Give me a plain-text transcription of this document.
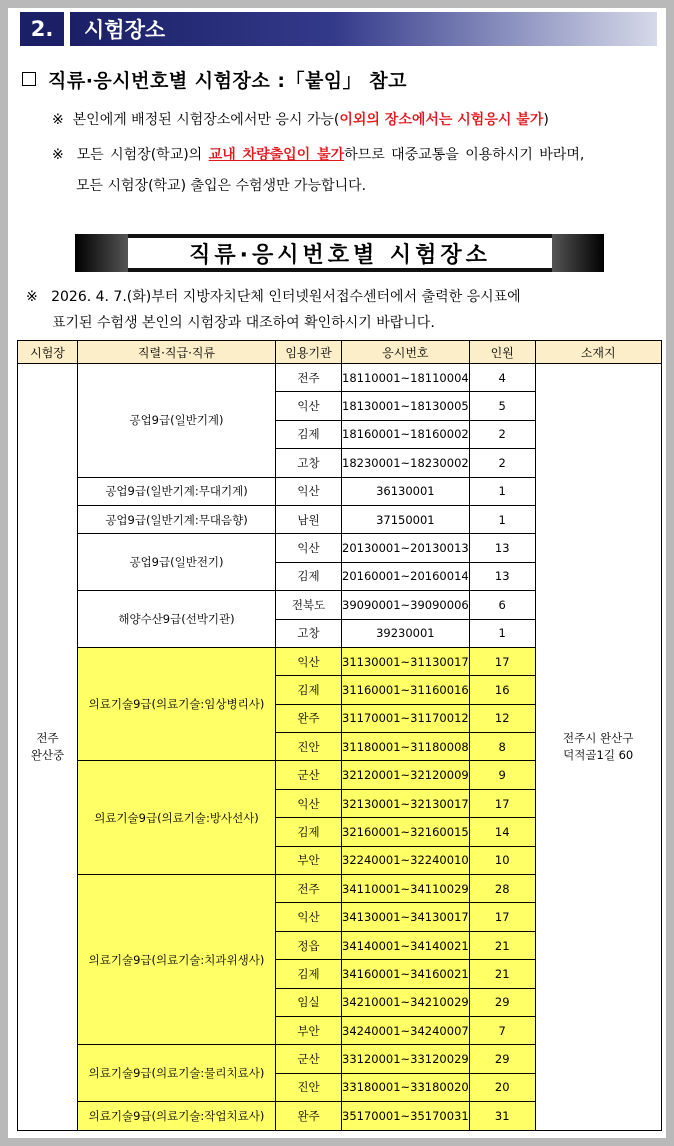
2.	시험장소
직류·응시번호별 시험장소 :「붙임」 참고
※ 본인에게 배정된 시험장소에서만 응시 가능(이외의 장소에서는 시험응시 불가)
※ 모든 시험장(학교)의 교내 차량출입이 불가하므로 대중교통을 이용하시기 바라며,
모든 시험장(학교) 출입은 수험생만 가능합니다.
직류·응시번호별 시험장소
※ 2026. 4. 7.(화)부터 지방자치단체 인터넷원서접수센터에서 출력한 응시표에
표기된 수험생 본인의 시험장과 대조하여 확인하시기 바랍니다.
시험장	직렬·직급·직류	임용기관	응시번호	인원	소재지
전주
완산중	공업9급(일반기계)	전주	18110001~18110004	4	전주시 완산구
덕적골1길 60
		익산	18130001~18130005	5	
		김제	18160001~18160002	2	
		고창	18230001~18230002	2	
	공업9급(일반기계:무대기계)	익산	36130001	1	
	공업9급(일반기계:무대음향)	남원	37150001	1	
	공업9급(일반전기)	익산	20130001~20130013	13	
		김제	20160001~20160014	13	
	해양수산9급(선박기관)	전북도	39090001~39090006	6	
		고창	39230001	1	
	의료기술9급(의료기술:임상병리사)	익산	31130001~31130017	17	
		김제	31160001~31160016	16	
		완주	31170001~31170012	12	
		진안	31180001~31180008	8	
	의료기술9급(의료기술:방사선사)	군산	32120001~32120009	9	
		익산	32130001~32130017	17	
		김제	32160001~32160015	14	
		부안	32240001~32240010	10	
	의료기술9급(의료기술:치과위생사)	전주	34110001~34110029	28	
		익산	34130001~34130017	17	
		정읍	34140001~34140021	21	
		김제	34160001~34160021	21	
		임실	34210001~34210029	29	
		부안	34240001~34240007	7	
	의료기술9급(의료기술:물리치료사)	군산	33120001~33120029	29	
		진안	33180001~33180020	20	
	의료기술9급(의료기술:작업치료사)	완주	35170001~35170031	31	
